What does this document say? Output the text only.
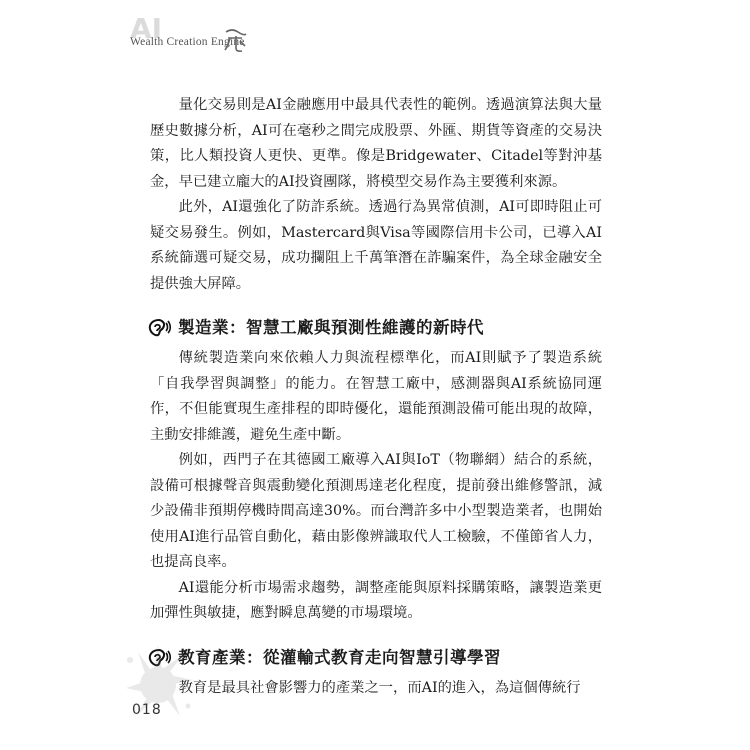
AI
Wealth Creation Engine

量化交易則是AI金融應用中最具代表性的範例。透過演算法與大量歷史數據分析，AI可在毫秒之間完成股票、外匯、期貨等資產的交易決策，比人類投資人更快、更準。像是Bridgewater、Citadel等對沖基金，早已建立龐大的AI投資團隊，將模型交易作為主要獲利來源。

此外，AI還強化了防詐系統。透過行為異常偵測，AI可即時阻止可疑交易發生。例如，Mastercard與Visa等國際信用卡公司，已導入AI系統篩選可疑交易，成功攔阻上千萬筆潛在詐騙案件，為全球金融安全提供強大屏障。

製造業：智慧工廠與預測性維護的新時代

傳統製造業向來依賴人力與流程標準化，而AI則賦予了製造系統「自我學習與調整」的能力。在智慧工廠中，感測器與AI系統協同運作，不但能實現生產排程的即時優化，還能預測設備可能出現的故障，主動安排維護，避免生產中斷。

例如，西門子在其德國工廠導入AI與IoT（物聯網）結合的系統，設備可根據聲音與震動變化預測馬達老化程度，提前發出維修警訊，減少設備非預期停機時間高達30%。而台灣許多中小型製造業者，也開始使用AI進行品管自動化，藉由影像辨識取代人工檢驗，不僅節省人力，也提高良率。

AI還能分析市場需求趨勢，調整產能與原料採購策略，讓製造業更加彈性與敏捷，應對瞬息萬變的市場環境。

教育產業：從灌輸式教育走向智慧引導學習

教育是最具社會影響力的產業之一，而AI的進入，為這個傳統行

018
